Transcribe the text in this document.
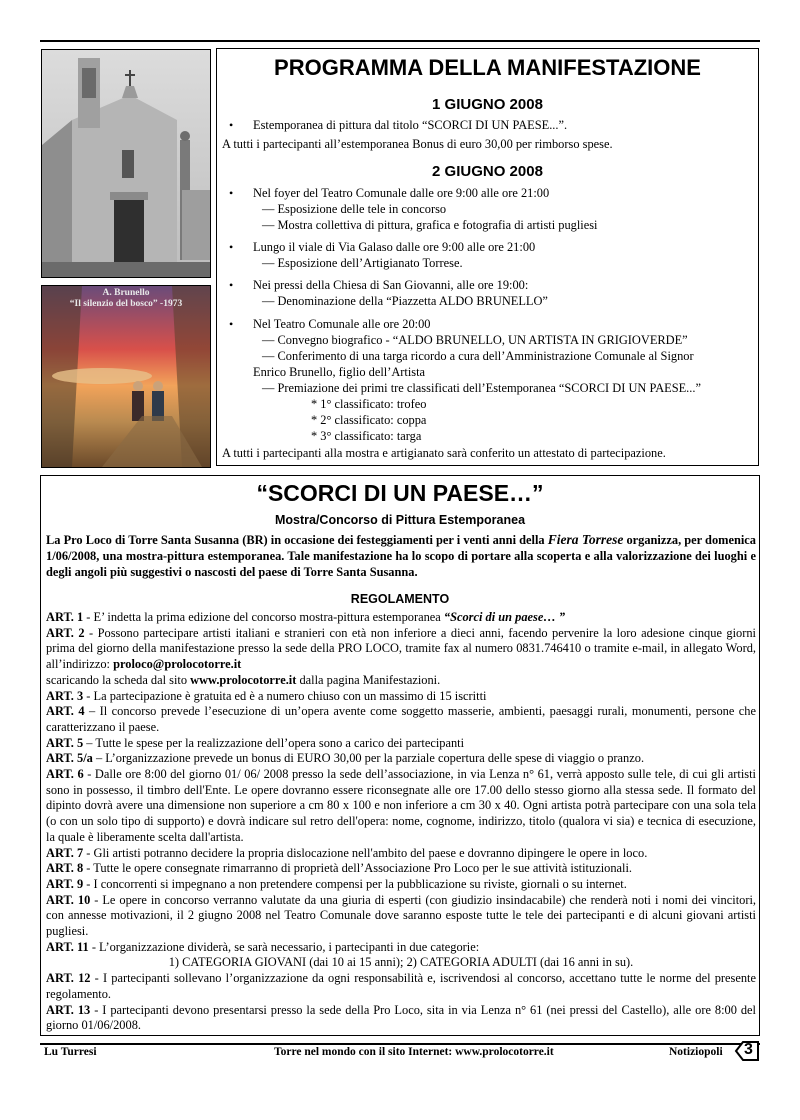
A. Brunello
“Il silenzio del bosco” -1973
PROGRAMMA DELLA MANIFESTAZIONE
1 GIUGNO 2008
• Estemporanea di pittura dal titolo “SCORCI DI UN PAESE...”.
A tutti i partecipanti all’estemporanea Bonus di euro 30,00 per rimborso spese.
2 GIUGNO 2008
• Nel foyer del Teatro Comunale dalle ore 9:00 alle ore 21:00
— Esposizione delle tele in concorso
— Mostra collettiva di pittura, grafica e fotografia di artisti pugliesi
• Lungo il viale di Via Galaso dalle ore 9:00 alle ore 21:00
— Esposizione dell’Artigianato Torrese.
• Nei pressi della Chiesa di San Giovanni, alle ore 19:00:
— Denominazione della “Piazzetta ALDO BRUNELLO”
• Nel Teatro Comunale alle ore 20:00
— Convegno biografico - “ALDO BRUNELLO, UN ARTISTA IN GRIGIOVERDE”
— Conferimento di una targa ricordo a cura dell’Amministrazione Comunale al Signor
Enrico Brunello, figlio dell’Artista
— Premiazione dei primi tre classificati dell’Estemporanea “SCORCI DI UN PAESE...”
* 1° classificato: trofeo
* 2° classificato: coppa
* 3° classificato: targa
A tutti i partecipanti alla mostra e artigianato sarà conferito un attestato di partecipazione.
“SCORCI DI UN PAESE…”
Mostra/Concorso di Pittura Estemporanea
La Pro Loco di Torre Santa Susanna (BR) in occasione dei festeggiamenti per i venti anni della Fiera Torrese organizza, per domenica 1/06/2008, una mostra-pittura estemporanea. Tale manifestazione ha lo scopo di portare alla scoperta e alla valorizzazione dei luoghi e degli angoli più suggestivi o nascosti del paese di Torre Santa Susanna.
REGOLAMENTO

ART. 1 - E’ indetta la prima edizione del concorso mostra-pittura estemporanea “Scorci di un paese… ”

ART. 2 - Possono partecipare artisti italiani e stranieri con età non inferiore a dieci anni, facendo pervenire la loro adesione cinque giorni prima del giorno della manifestazione presso la sede della PRO LOCO, tramite fax al numero 0831.746410 o tramite e-mail, in allegato Word, all’indirizzo: proloco@prolocotorre.it

scaricando la scheda dal sito www.prolocotorre.it dalla pagina Manifestazioni.

ART. 3 - La partecipazione è gratuita ed è a numero chiuso con un massimo di 15 iscritti

ART. 4 – Il concorso prevede l’esecuzione di un’opera avente come soggetto masserie, ambienti, paesaggi rurali, monumenti, persone che caratterizzano il paese.

ART. 5 – Tutte le spese per la realizzazione dell’opera sono a carico dei partecipanti

ART. 5/a – L’organizzazione prevede un bonus di EURO 30,00 per la parziale copertura delle spese di viaggio o pranzo.

ART. 6 - Dalle ore 8:00 del giorno 01/ 06/ 2008 presso la sede dell’associazione, in via Lenza n° 61, verrà apposto sulle tele, di cui gli artisti sono in possesso, il timbro dell'Ente. Le opere dovranno essere riconsegnate alle ore 17.00 dello stesso giorno alla stessa sede. Il formato del dipinto dovrà avere una dimensione non superiore a cm 80 x 100 e non inferiore a cm 30 x 40. Ogni artista potrà partecipare con una sola tela (o con un solo tipo di supporto) e dovrà indicare sul retro dell'opera: nome, cognome, indirizzo, titolo (qualora vi sia) e tecnica di esecuzione, la quale è liberamente scelta dall'artista.

ART. 7 - Gli artisti potranno decidere la propria dislocazione nell'ambito del paese e dovranno dipingere le opere in loco.

ART. 8 - Tutte le opere consegnate rimarranno di proprietà dell’Associazione Pro Loco per le sue attività istituzionali.

ART. 9 - I concorrenti si impegnano a non pretendere compensi per la pubblicazione su riviste, giornali o su internet.

ART. 10 - Le opere in concorso verranno valutate da una giuria di esperti (con giudizio insindacabile) che renderà noti i nomi dei vincitori, con annesse motivazioni, il 2 giugno 2008 nel Teatro Comunale dove saranno esposte tutte le tele dei partecipanti e di alcuni giovani artisti pugliesi.

ART. 11 - L’organizzazione dividerà, se sarà necessario, i partecipanti in due categorie:

1) CATEGORIA GIOVANI (dai 10 ai 15 anni); 2) CATEGORIA ADULTI (dai 16 anni in su).

ART. 12 - I partecipanti sollevano l’organizzazione da ogni responsabilità e, iscrivendosi al concorso, accettano tutte le norme del presente regolamento.

ART. 13 - I partecipanti devono presentarsi presso la sede della Pro Loco, sita in via Lenza n° 61 (nei pressi del Castello), alle ore 8:00 del giorno 01/06/2008.

Lu Turresi	Torre nel mondo con il sito Internet: www.prolocotorre.it	Notiziopoli 3
